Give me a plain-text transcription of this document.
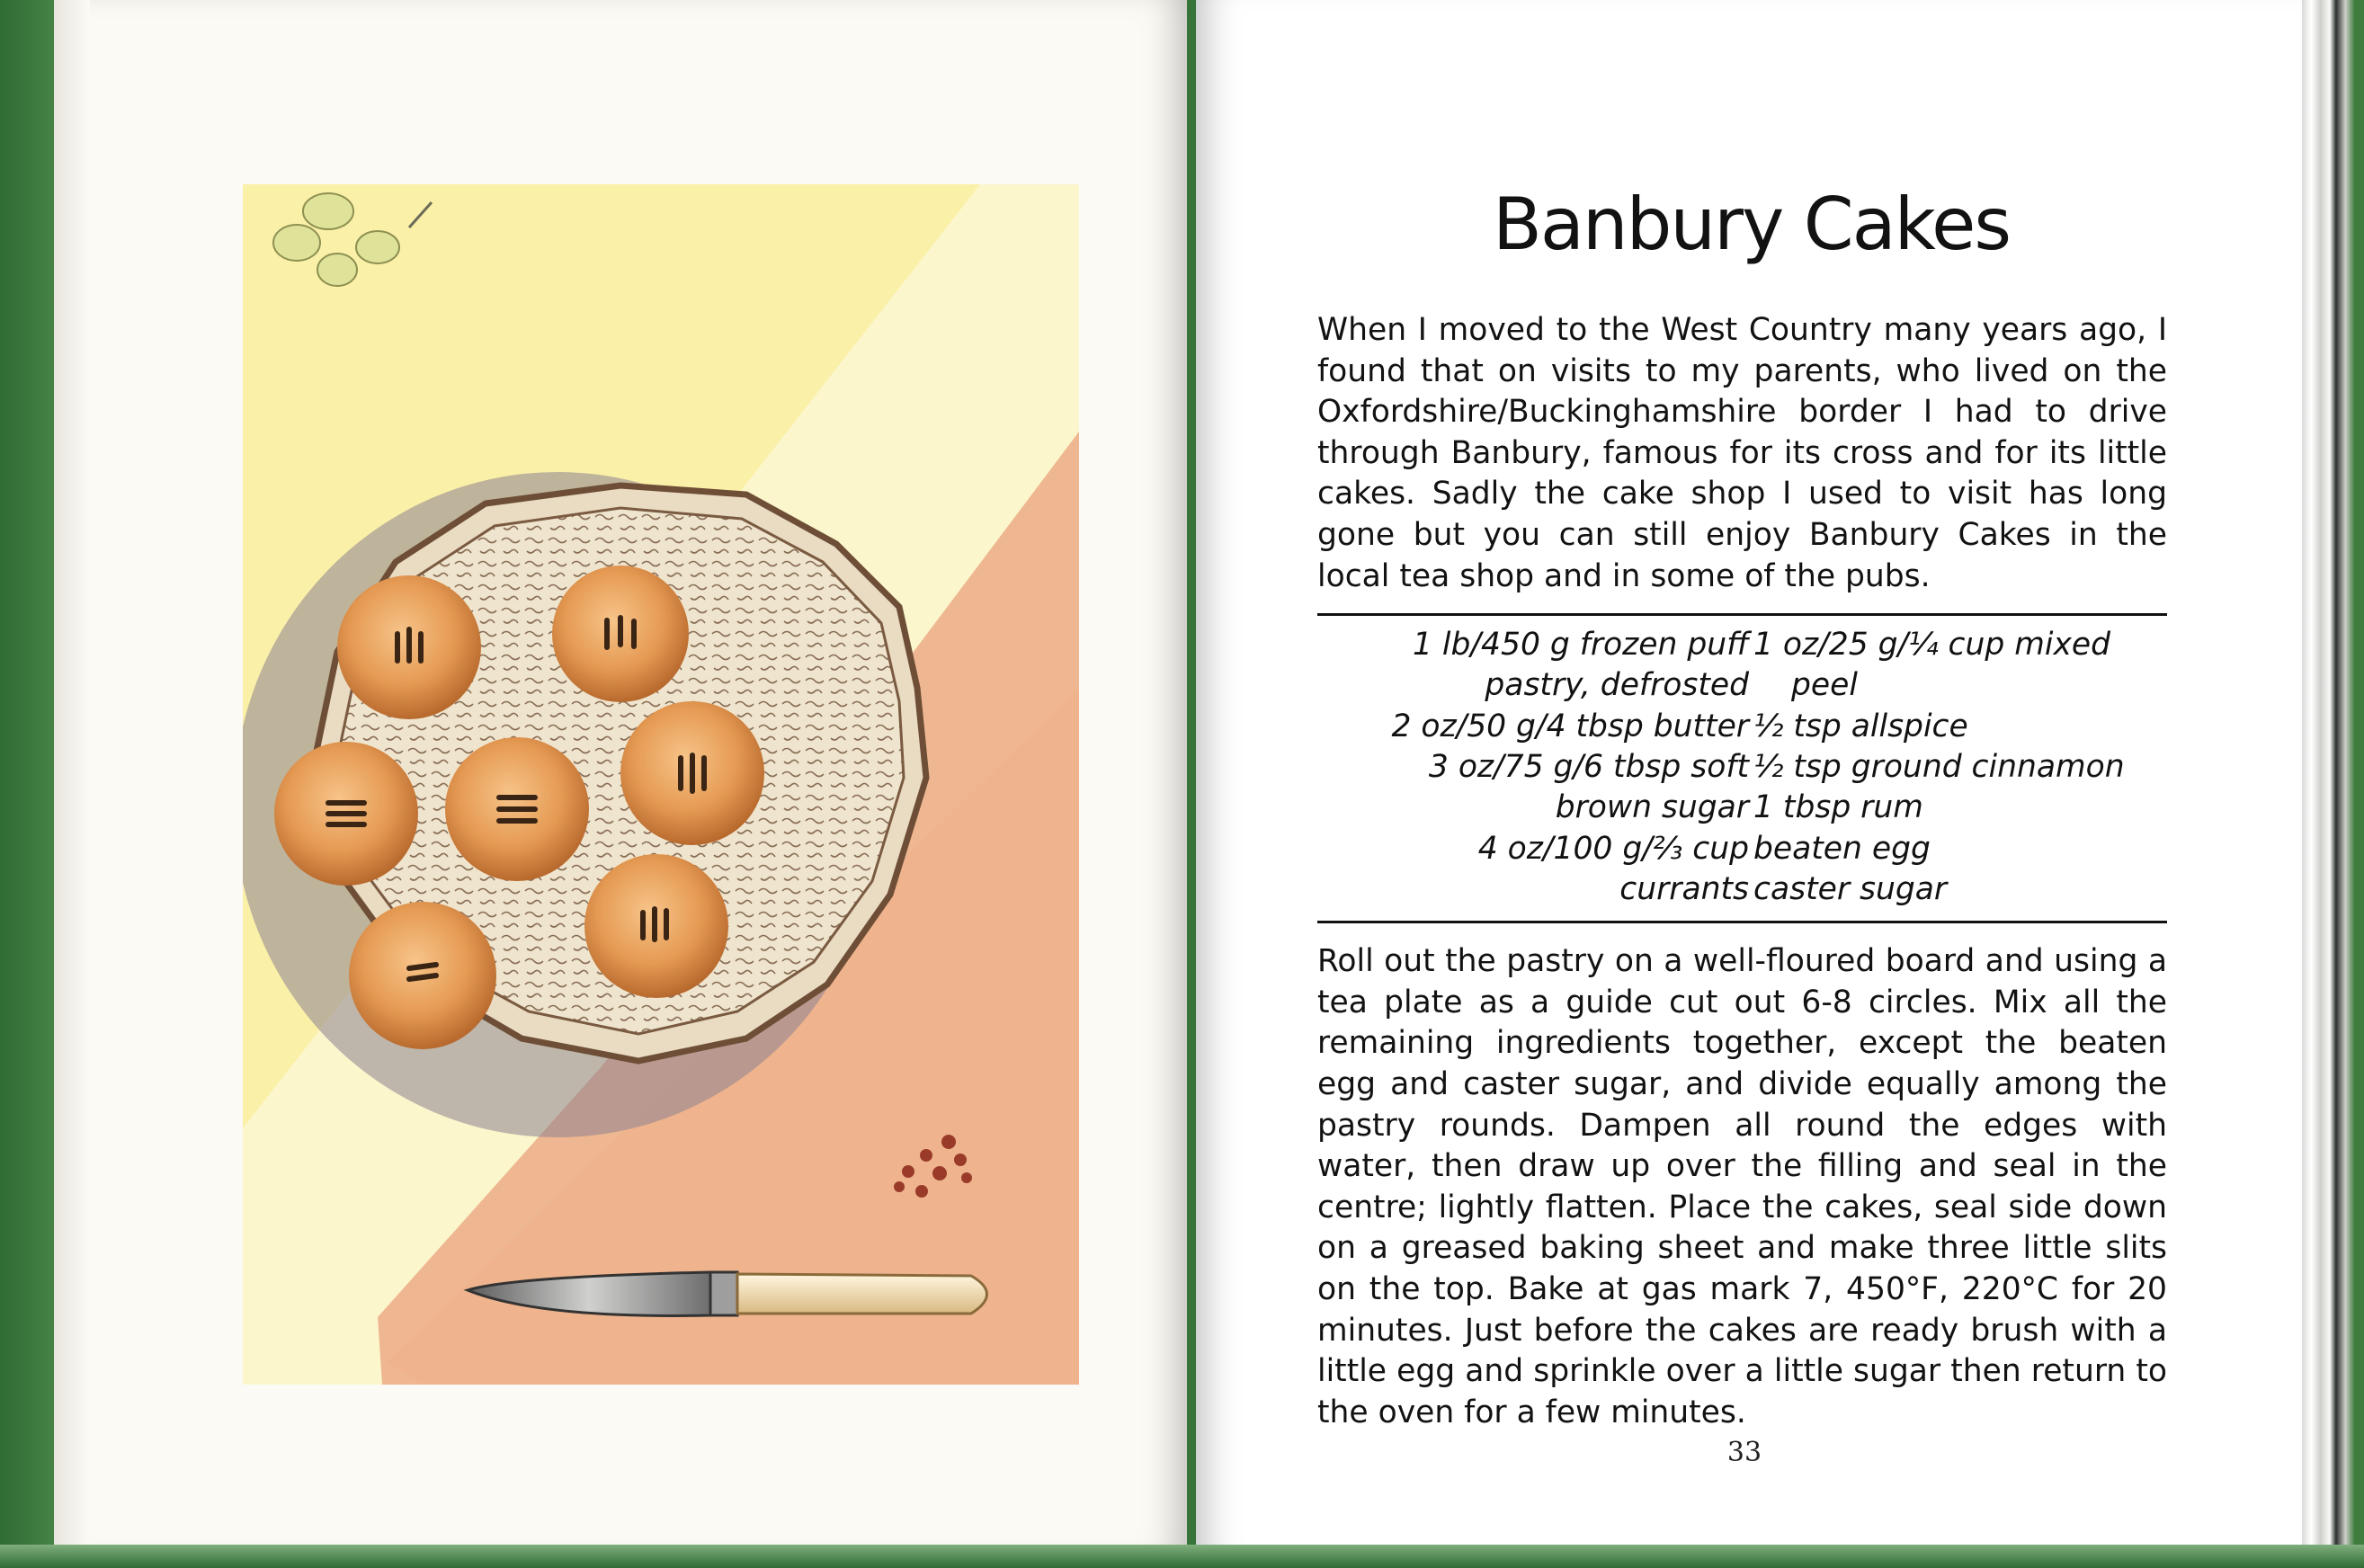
Banbury Cakes

When I moved to the West Country many years ago, I found that on visits to my parents, who lived on the Oxfordshire/Buckinghamshire border I had to drive through Banbury, famous for its cross and for its little cakes. Sadly the cake shop I used to visit has long gone but you can still enjoy Banbury Cakes in the local tea shop and in some of the pubs.

1 lb/450 g frozen puff
pastry, defrosted
2 oz/50 g/4 tbsp butter
3 oz/75 g/6 tbsp soft
brown sugar
4 oz/100 g/⅔ cup
currants
1 oz/25 g/¼ cup mixed
peel
½ tsp allspice
½ tsp ground cinnamon
1 tbsp rum
beaten egg
caster sugar

Roll out the pastry on a well-floured board and using a tea plate as a guide cut out 6-8 circles. Mix all the remaining ingredients together, except the beaten egg and caster sugar, and divide equally among the pastry rounds. Dampen all round the edges with water, then draw up over the filling and seal in the centre; lightly flatten. Place the cakes, seal side down on a greased baking sheet and make three little slits on the top. Bake at gas mark 7, 450°F, 220°C for 20 minutes. Just before the cakes are ready brush with a little egg and sprinkle over a little sugar then return to the oven for a few minutes.

33
